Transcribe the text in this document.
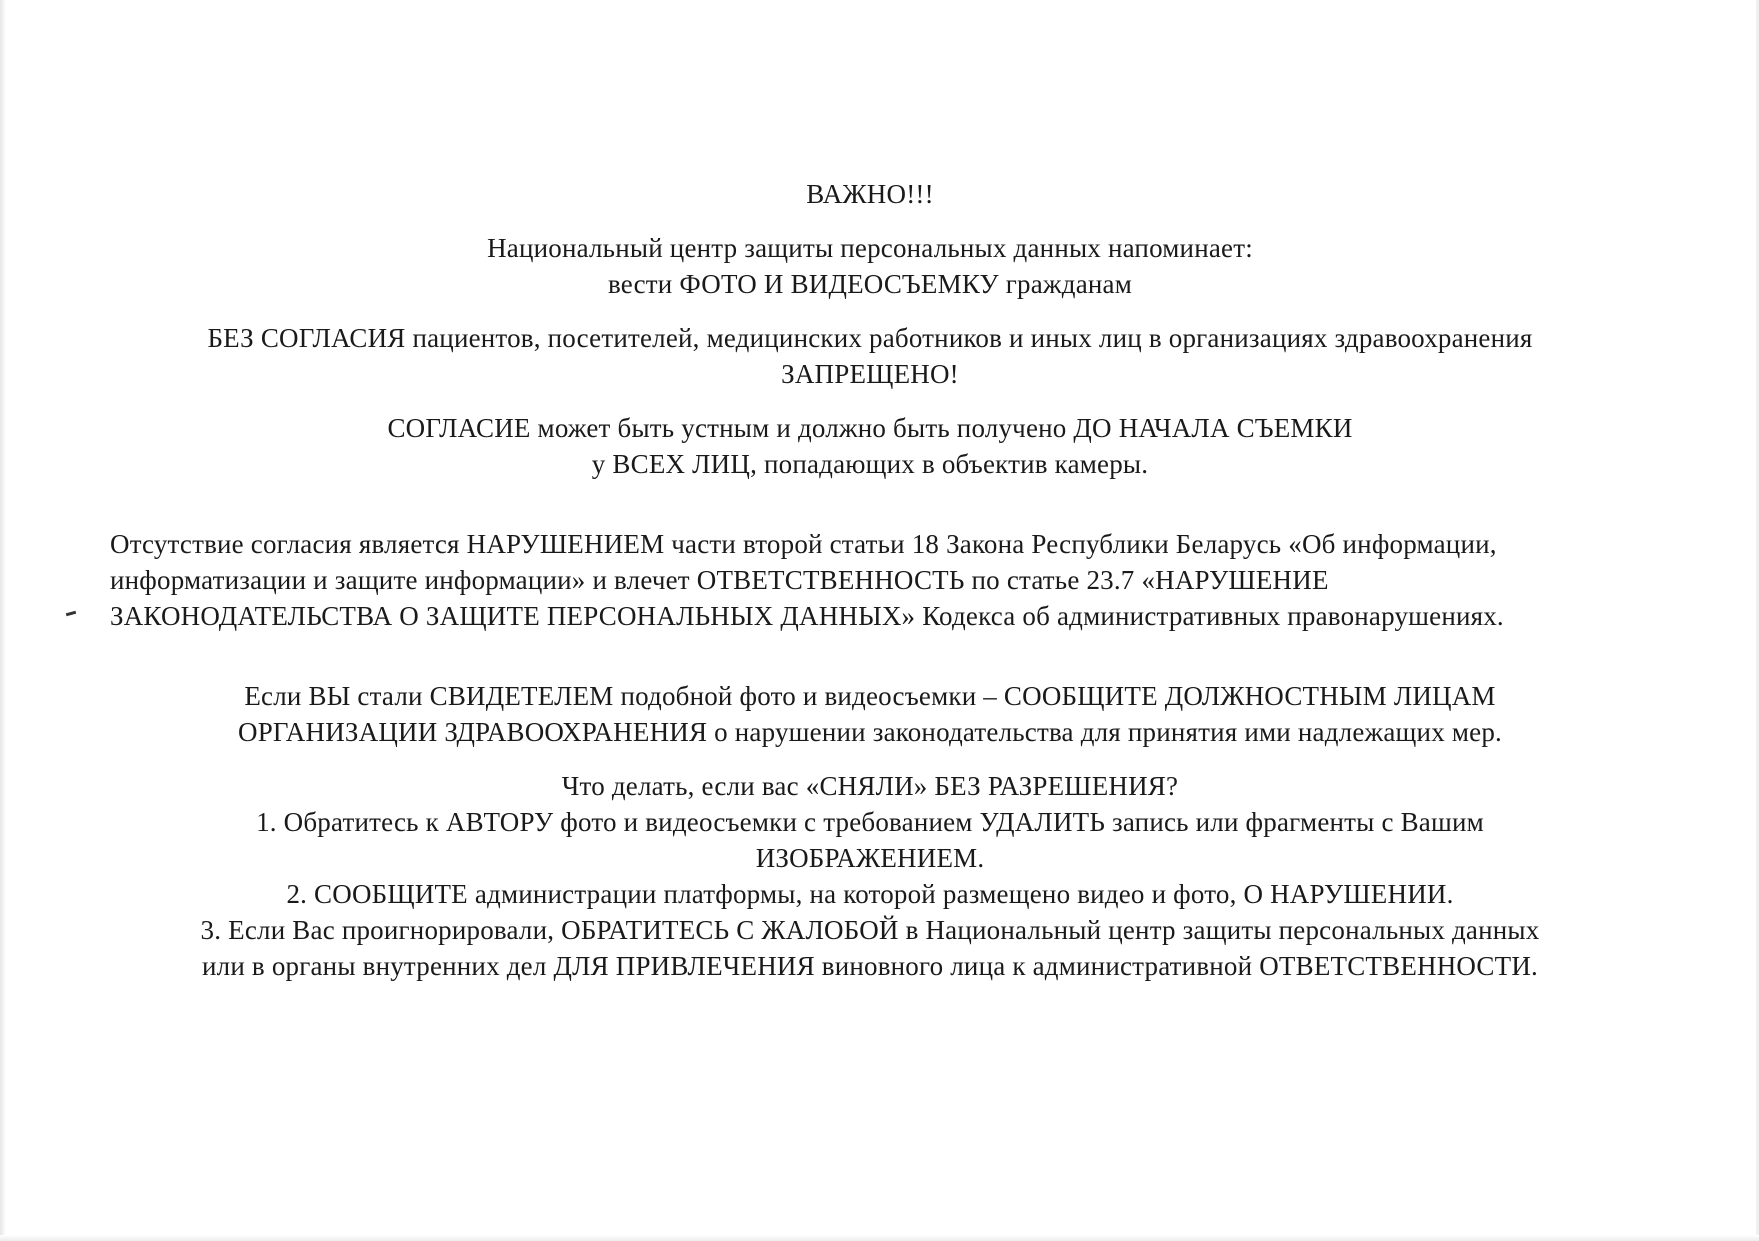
ВАЖНО!!!

Национальный центр защиты персональных данных напоминает:

вести ФОТО И ВИДЕОСЪЕМКУ гражданам

БЕЗ СОГЛАСИЯ пациентов, посетителей, медицинских работников и иных лиц в организациях здравоохранения

ЗАПРЕЩЕНО!

СОГЛАСИЕ может быть устным и должно быть получено ДО НАЧАЛА СЪЕМКИ

у ВСЕХ ЛИЦ, попадающих в объектив камеры.

Отсутствие согласия является НАРУШЕНИЕМ части второй статьи 18 Закона Республики Беларусь «Об информации,

информатизации и защите информации» и влечет ОТВЕТСТВЕННОСТЬ по статье 23.7 «НАРУШЕНИЕ

ЗАКОНОДАТЕЛЬСТВА О ЗАЩИТЕ ПЕРСОНАЛЬНЫХ ДАННЫХ» Кодекса об административных правонарушениях.

Если ВЫ стали СВИДЕТЕЛЕМ подобной фото и видеосъемки – СООБЩИТЕ ДОЛЖНОСТНЫМ ЛИЦАМ

ОРГАНИЗАЦИИ ЗДРАВООХРАНЕНИЯ о нарушении законодательства для принятия ими надлежащих мер.

Что делать, если вас «СНЯЛИ» БЕЗ РАЗРЕШЕНИЯ?

1. Обратитесь к АВТОРУ фото и видеосъемки с требованием УДАЛИТЬ запись или фрагменты с Вашим

ИЗОБРАЖЕНИЕМ.

2. СООБЩИТЕ администрации платформы, на которой размещено видео и фото, О НАРУШЕНИИ.

3. Если Вас проигнорировали, ОБРАТИТЕСЬ С ЖАЛОБОЙ в Национальный центр защиты персональных данных

или в органы внутренних дел ДЛЯ ПРИВЛЕЧЕНИЯ виновного лица к административной ОТВЕТСТВЕННОСТИ.
